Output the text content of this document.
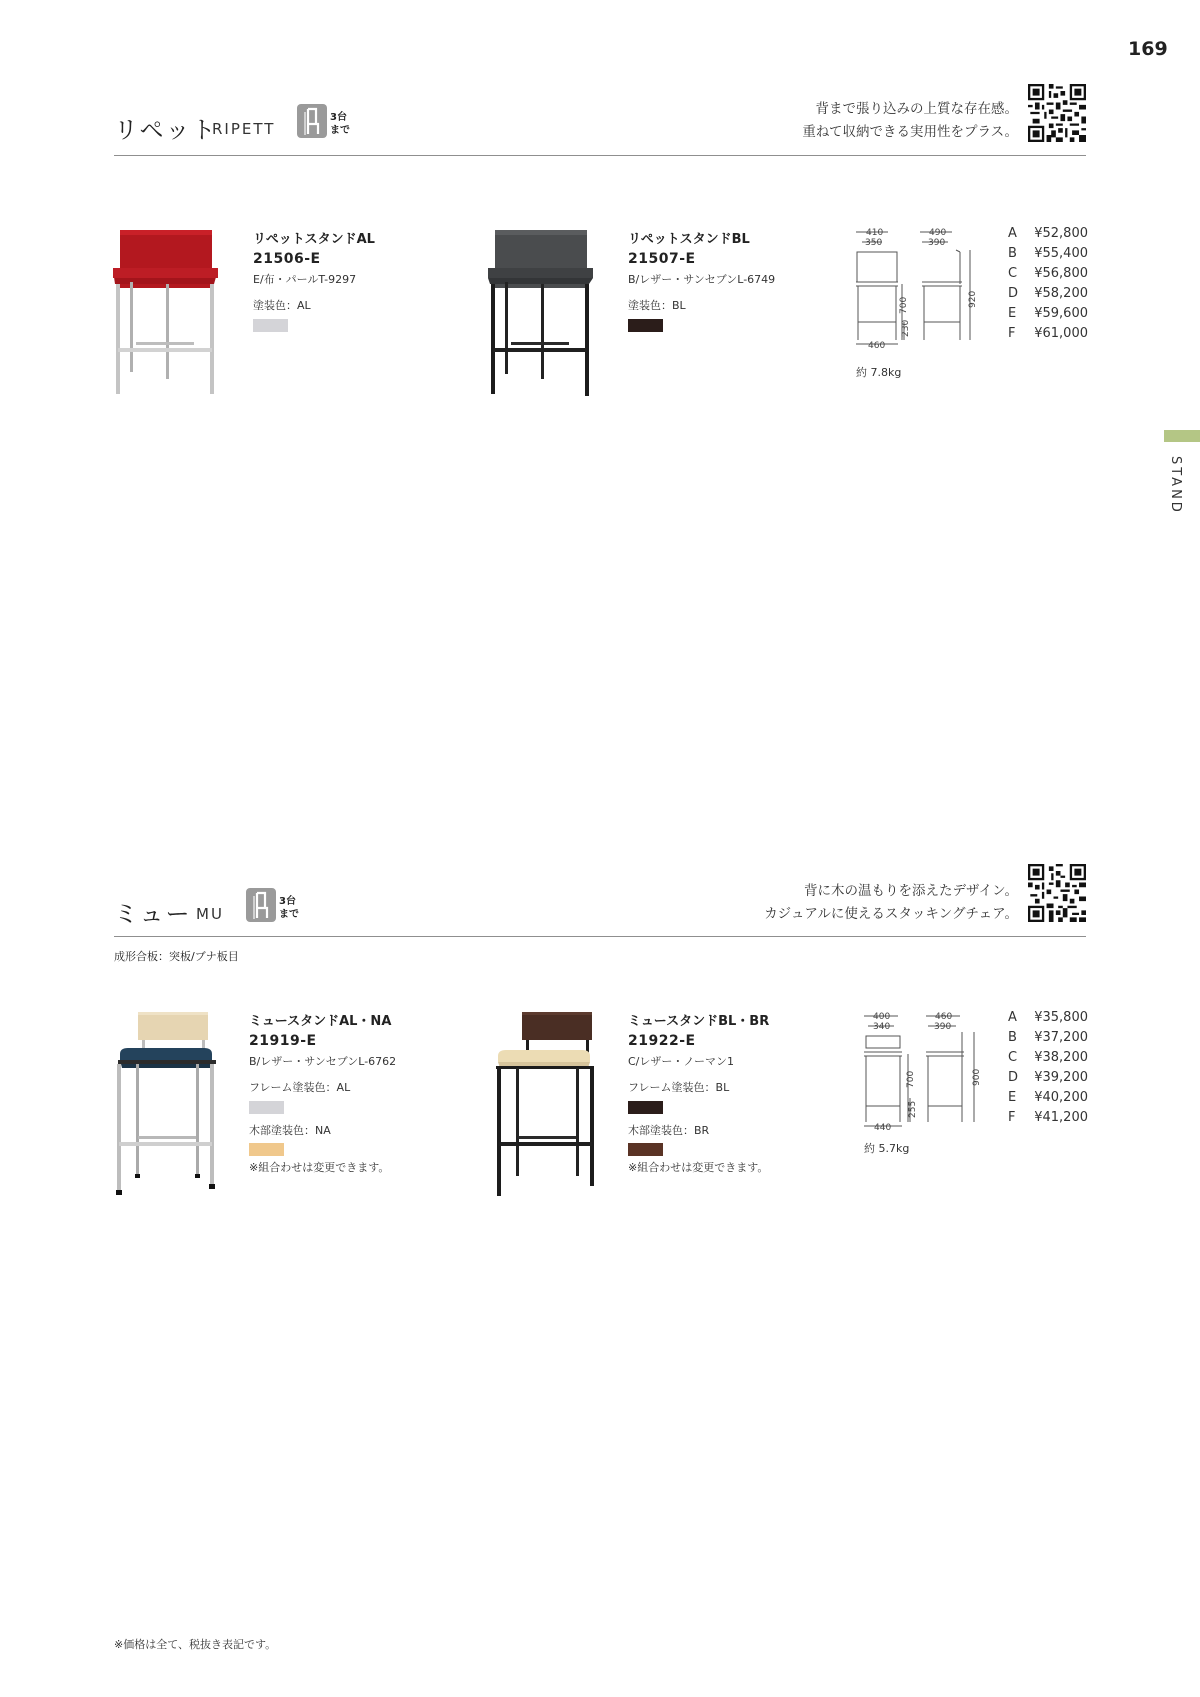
169
STAND
リペット
RIPETT
3台
まで
背まで張り込みの上質な存在感。
重ねて収納できる実用性をプラス。
リペットスタンドAL
21506-E
E/布・パールT-9297
塗装色：AL
リペットスタンドBL
21507-E
B/レザー・サンセブンL-6749
塗装色：BL
410
350
490
390
460
700
230
920
約 7.8kg
A	¥52,800
B	¥55,400
C	¥56,800
D	¥58,200
E	¥59,600
F	¥61,000
ミュー MU
3台
まで
背に木の温もりを添えたデザイン。
カジュアルに使えるスタッキングチェア。
成形合板：突板/ブナ板目
ミュースタンドAL・NA
21919-E
B/レザー・サンセブンL-6762
フレーム塗装色：AL
木部塗装色：NA
※組合わせは変更できます。
ミュースタンドBL・BR
21922-E
C/レザー・ノーマン1
フレーム塗装色：BL
木部塗装色：BR
※組合わせは変更できます。
400
340
460
390
440
700
255
900
約 5.7kg
A	¥35,800
B	¥37,200
C	¥38,200
D	¥39,200
E	¥40,200
F	¥41,200
※価格は全て、税抜き表記です。
